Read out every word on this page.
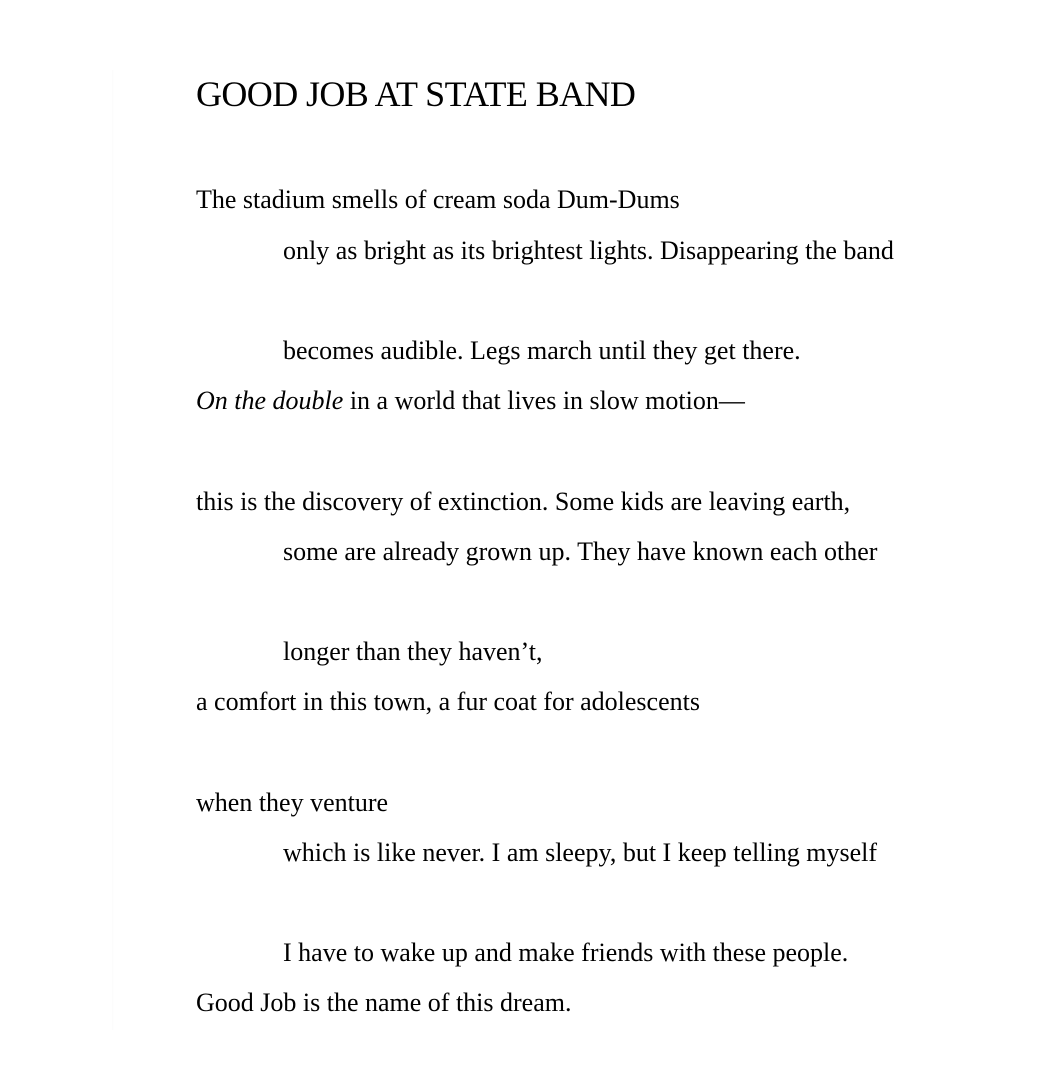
GOOD JOB AT STATE BAND

The stadium smells of cream soda Dum-Dums

only as bright as its brightest lights. Disappearing the band

becomes audible. Legs march until they get there.

On the double in a world that lives in slow motion—

this is the discovery of extinction. Some kids are leaving earth,

some are already grown up. They have known each other

longer than they haven’t,

a comfort in this town, a fur coat for adolescents

when they venture

which is like never. I am sleepy, but I keep telling myself

I have to wake up and make friends with these people.

Good Job is the name of this dream.
